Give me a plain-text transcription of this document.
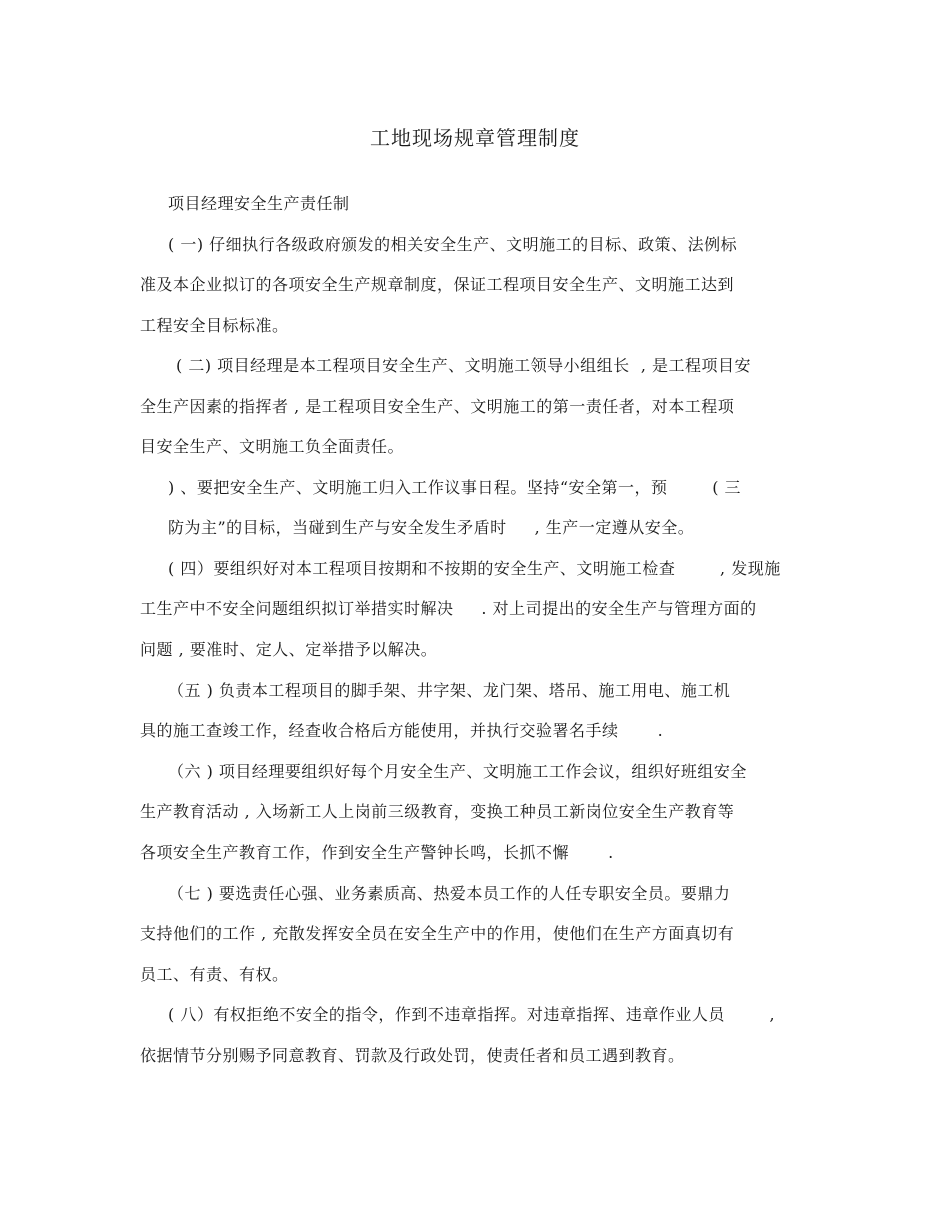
工地现场规章管理制度
项目经理安全生产责任制
( 一) 仔细执行各级政府颁发的相关安全生产、文明施工的目标、政策、法例标
准及本企业拟订的各项安全生产规章制度，保证工程项目安全生产、文明施工达到
工程安全目标标准。
( 二) 项目经理是本工程项目安全生产、文明施工领导小组组长  , 是工程项目安
全生产因素的指挥者 , 是工程项目安全生产、文明施工的第一责任者，对本工程项
目安全生产、文明施工负全面责任。
) 、要把安全生产、文明施工归入工作议事日程。坚持“安全第一，预        ( 三
防为主”的目标，当碰到生产与安全发生矛盾时     , 生产一定遵从安全。
( 四）要组织好对本工程项目按期和不按期的安全生产、文明施工检查        , 发现施
工生产中不安全问题组织拟订举措实时解决     . 对上司提出的安全生产与管理方面的
问题 , 要准时、定人、定举措予以解决。
（五 ) 负责本工程项目的脚手架、井字架、龙门架、塔吊、施工用电、施工机
具的施工查竣工作，经查收合格后方能使用，并执行交验署名手续       .
（六 ) 项目经理要组织好每个月安全生产、文明施工工作会议，组织好班组安全
生产教育活动 , 入场新工人上岗前三级教育，变换工种员工新岗位安全生产教育等
各项安全生产教育工作，作到安全生产警钟长鸣，长抓不懈       .
（七 ) 要选责任心强、业务素质高、热爱本员工作的人任专职安全员。要鼎力
支持他们的工作 , 充散发挥安全员在安全生产中的作用，使他们在生产方面真切有
员工、有责、有权。
( 八）有权拒绝不安全的指令，作到不违章指挥。对违章指挥、违章作业人员        ,
依据情节分别赐予同意教育、罚款及行政处罚，使责任者和员工遇到教育。
